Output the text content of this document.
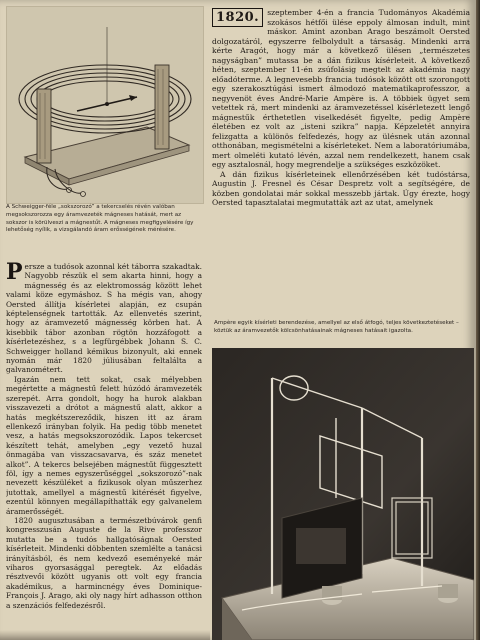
A Schweigger-féle „sokszorozó” a tekercselés révén valóban megsokszorozza egy áramvezeték mágneses hatását, mert az sokszor is körülveszi a mágnestűt. A mágneses megfigyelésére így lehetőség nyílik, a vizsgálandó áram erősségének mérésére.

Persze a tudósok azonnal két táborra szakadtak. Nagyobb részük el sem akarta hinni, hogy a mágnesség és az elektromosság között lehet valami köze egymáshoz. S ha mégis van, ahogy Oersted állítja kísérletei alapján, ez csupán képtelenségnek tartották. Az ellenvetés szerint, hogy az áramvezető mágnesség körben hat. A kisebbik tábor azonban rögtön hozzáfogott a kísérletezéshez, s a legfürgébbek Johann S. C. Schweigger holland kémikus bizonyult, aki ennek nyomán már 1820 júliusában feltalálta a galvanométert.

Igazán nem tett sokat, csak mélyebben megértette a mágnestű felett húzódó áramvezeték szerepét. Arra gondolt, hogy ha hurok alakban visszavezeti a drótot a mágnestű alatt, akkor a hatás megkétszereződik, hiszen itt az áram ellenkező irányban folyik. Ha pedig több menetet vesz, a hatás megsokszorozódik. Lapos tekercset készített tehát, amelyben „egy vezető huzal önmagába van visszacsavarva, és száz menetet alkot”. A tekercs belsejében mágnestűt függesztett föl, így a nemes egyszerűséggel „sokszorozó”-nak nevezett készüléket a fizikusok olyan műszerhez jutottak, amellyel a mágnestű kitérését figyelve, ezentúl könnyen megállapíthatták egy galvanelem áramerősségét.

1820 augusztusában a természetbúvárok genfi kongresszusán Auguste de la Rive professzor mutatta be a tudós hallgatóságnak Oersted kísérleteit. Mindenki döbbenten szemlélte a tanácsi irányításból, és nem kedvező eseményeké már viharos gyorsasággal peregtek. Az előadás résztvevői között ugyanis ott volt egy francia akadémikus, a harmincnégy éves Dominique-François J. Arago, aki oly nagy hírt adhasson otthon a szenzációs felfedezésről.

1820.	szeptember 4-én a francia Tudományos Akadémia szokásos hétfői ülése eppoly álmosan indult, mint máskor. Amint azonban Arago beszámolt Oersted dolgozatáról, egyszerre felbolydult a társaság. Mindenki arra kérte Aragót, hogy már a következő ülésen „természetes nagyságban” mutassa be a dán fizikus kísérleteit. A következő héten, szeptember 11-én zsúfolásig megtelt az akadémia nagy előadóterme. A legnevesebb francia tudósok között ott szorongott egy szerakosztúgási ismert álmodozó matematikaprofesszor, a negyvenöt éves André-Marie Ampère is. A többiek ügyet sem vetettek rá, mert mindenki az áramvezetéssel kísérletezett lengő mágnestűk érthetetlen viselkedését figyelte, pedig Ampère életében ez volt az „isteni szikra” napja. Képzeletét annyira felizgatta a különös felfedezés, hogy az ülésnek után azonnal otthonában, megismételni a kísérleteket. Nem a laboratóriumába, mert olmeléti kutató lévén, azzal nem rendelkezett, hanem csak egy asztalosnál, hogy megrendelje a szükséges eszközöket.

A dán fizikus kísérleteinek ellenőrzésében két tudóstársa, Augustin J. Fresnel és César Despretz volt a segítségére, de közben gondolatai már sokkal messzebb jártak. Úgy érezte, hogy Oersted tapasztalatai megmutatták azt az utat, amelynek

Ampère egyik kísérleti berendezése, amellyel az első átfogó, teljes következtetéseket – köztük az áramvezetők kölcsönhatásainak mágneses hatásait igazolta.
